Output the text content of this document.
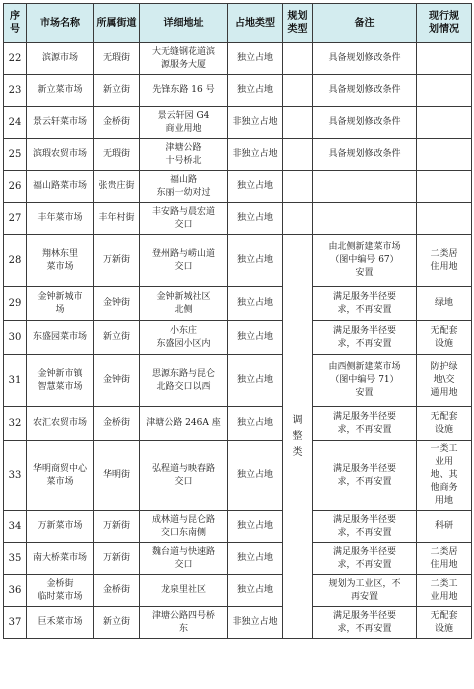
序
号	市场名称	所属街道	详细地址	占地类型	规划
类型	备注	现行规
划情况
22	滨源市场	无瑕街	大无缝钢花道滨
源服务大厦	独立占地		具备规划修改条件	
23	新立菜市场	新立街	先锋东路 16 号	独立占地		具备规划修改条件	
24	景云轩菜市场	金桥街	景云轩园 G4
商业用地	非独立占地		具备规划修改条件	
25	滨瑕农贸市场	无瑕街	津塘公路
十号桥北	非独立占地		具备规划修改条件	
26	福山路菜市场	张贵庄街	福山路
东丽一幼对过	独立占地			
27	丰年菜市场	丰年村街	丰安路与晨宏道
交口	独立占地			
28	翔林东里
菜市场	万新街	登州路与崂山道
交口	独立占地	调
整
类	由北侧新建菜市场
（图中编号 67）
安置	二类居
住用地
29	金钟新城市
场	金钟街	金钟新城社区
北侧	独立占地		满足服务半径要
求，不再安置	绿地
30	东盛园菜市场	新立街	小东庄
东盛园小区内	独立占地		满足服务半径要
求，不再安置	无配套
设施
31	金钟新市镇
智慧菜市场	金钟街	思源东路与昆仑
北路交口以西	独立占地		由西侧新建菜市场
（图中编号 71）
安置	防护绿
地\交
通用地
32	农汇农贸市场	金桥街	津塘公路 246A 座	独立占地		满足服务半径要
求，不再安置	无配套
设施
33	华明商贸中心
菜市场	华明街	弘程道与映春路
交口	独立占地		满足服务半径要
求，不再安置	一类工
业用
地、其
他商务
用地
34	万新菜市场	万新街	成林道与昆仑路
交口东南侧	独立占地		满足服务半径要
求，不再安置	科研
35	南大桥菜市场	万新街	魏台道与快速路
交口	独立占地		满足服务半径要
求，不再安置	二类居
住用地
36	金桥街
临时菜市场	金桥街	龙泉里社区	独立占地		规划为工业区，不
再安置	二类工
业用地
37	巨禾菜市场	新立街	津塘公路四号桥
东	非独立占地		满足服务半径要
求，不再安置	无配套
设施
